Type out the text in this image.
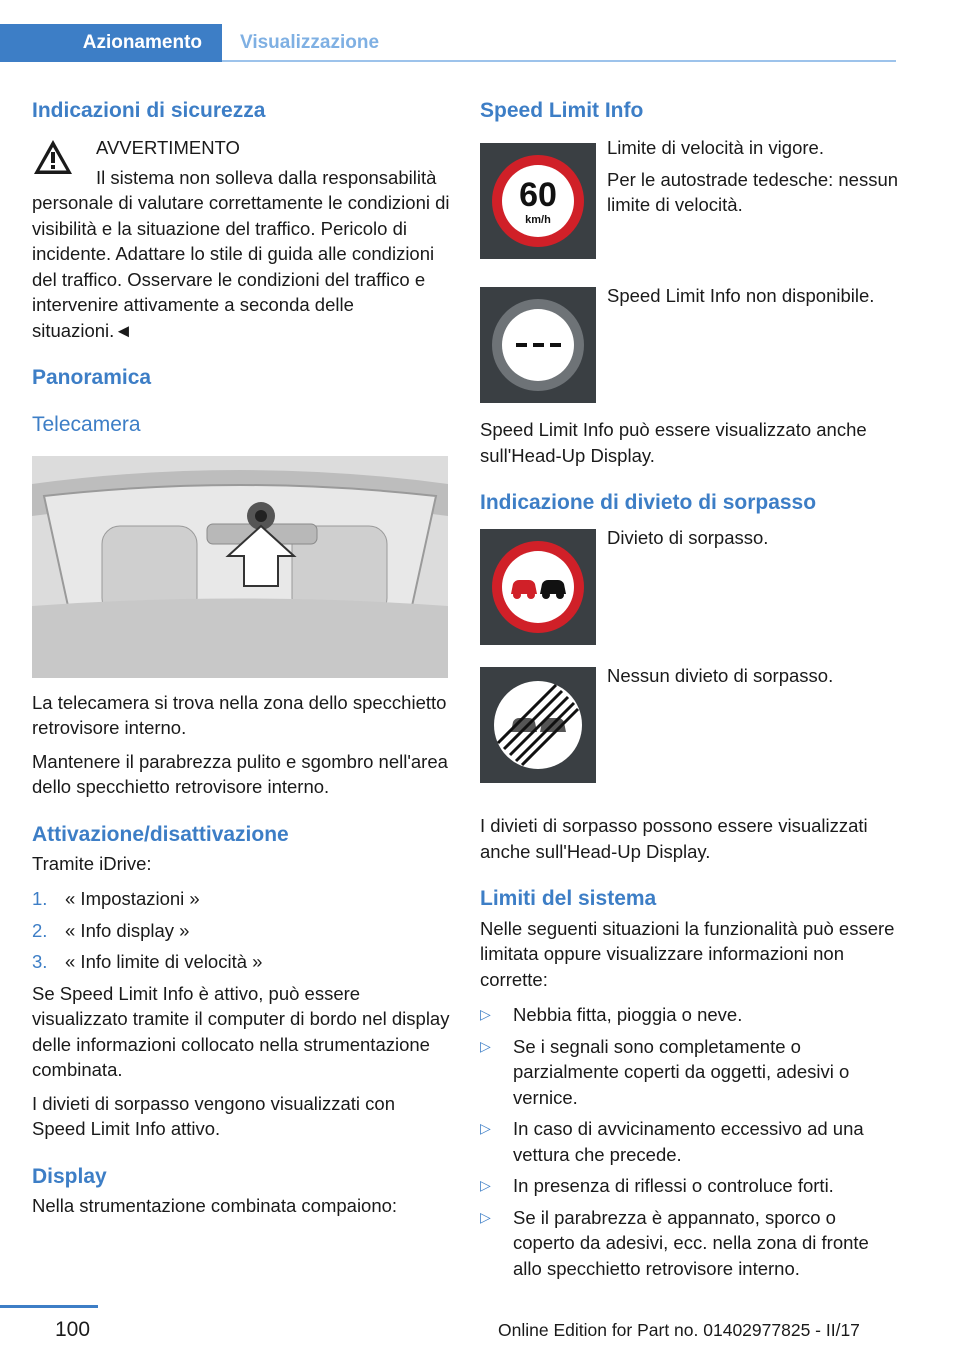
Azionamento	Visualizzazione
Indicazioni di sicurezza
AVVERTIMENTO

Il sistema non solleva dalla responsabilità personale di valutare correttamente le condizioni di visibilità e la situazione del traffico. Pericolo di incidente. Adattare lo stile di guida alle condizioni del traffico. Osservare le condizioni del traffico e intervenire attivamente a seconda delle situazioni.◄

Panoramica
Telecamera

La telecamera si trova nella zona dello specchietto retrovisore interno.

Mantenere il parabrezza pulito e sgombro nell'area dello specchietto retrovisore interno.

Attivazione/disattivazione

Tramite iDrive:

1. « Impostazioni »
2. « Info display »
3. « Info limite di velocità »

Se Speed Limit Info è attivo, può essere visualizzato tramite il computer di bordo nel display delle informazioni collocato nella strumentazione combinata.

I divieti di sorpasso vengono visualizzati con Speed Limit Info attivo.

Display

Nella strumentazione combinata compaiono:

Speed Limit Info
60
km/h

Limite di velocità in vigore.

Per le autostrade tedesche: nessun limite di velocità.

Speed Limit Info non disponibile.

Speed Limit Info può essere visualizzato anche sull'Head-Up Display.

Indicazione di divieto di sorpasso

Divieto di sorpasso.

Nessun divieto di sorpasso.

I divieti di sorpasso possono essere visualizzati anche sull'Head-Up Display.

Limiti del sistema

Nelle seguenti situazioni la funzionalità può essere limitata oppure visualizzare informazioni non corrette:

▷ Nebbia fitta, pioggia o neve.
▷ Se i segnali sono completamente o parzialmente coperti da oggetti, adesivi o vernice.
▷ In caso di avvicinamento eccessivo ad una vettura che precede.
▷ In presenza di riflessi o controluce forti.
▷ Se il parabrezza è appannato, sporco o coperto da adesivi, ecc. nella zona di fronte allo specchietto retrovisore interno.
100	Online Edition for Part no. 01402977825 - II/17
